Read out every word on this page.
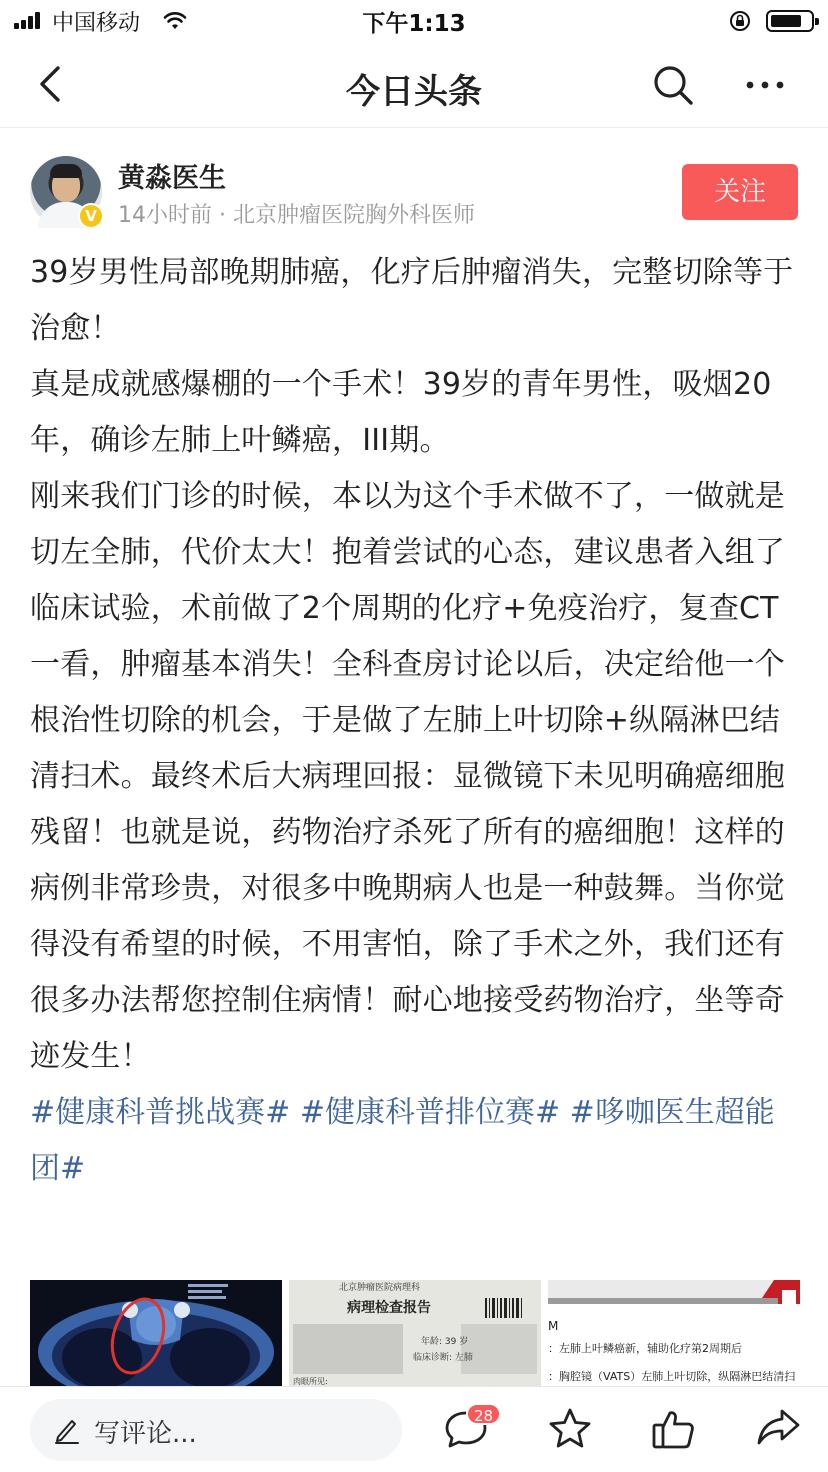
中国移动	下午1:13
今日头条
V
黄淼医生
14小时前 · 北京肿瘤医院胸外科医师
关注

39岁男性局部晚期肺癌，化疗后肿瘤消失，完整切除等于治愈！

真是成就感爆棚的一个手术！39岁的青年男性，吸烟20年，确诊左肺上叶鳞癌，III期。

刚来我们门诊的时候，本以为这个手术做不了，一做就是切左全肺，代价太大！抱着尝试的心态，建议患者入组了临床试验，术前做了2个周期的化疗+免疫治疗，复查CT一看，肿瘤基本消失！全科查房讨论以后，决定给他一个根治性切除的机会，于是做了左肺上叶切除+纵隔淋巴结清扫术。最终术后大病理回报：显微镜下未见明确癌细胞残留！也就是说，药物治疗杀死了所有的癌细胞！这样的病例非常珍贵，对很多中晚期病人也是一种鼓舞。当你觉得没有希望的时候，不用害怕，除了手术之外，我们还有很多办法帮您控制住病情！耐心地接受药物治疗，坐等奇迹发生！

#健康科普挑战赛# #健康科普排位赛# #哆咖医生超能团#
北京肿瘤医院病理科
病理检查报告
年龄: 39 岁
临床诊断: 左肺
肉眼所见:
M
：左肺上叶鳞癌新，辅助化疗第2周期后
：胸腔镜（VATS）左肺上叶切除，纵隔淋巴结清扫
写评论...
28
